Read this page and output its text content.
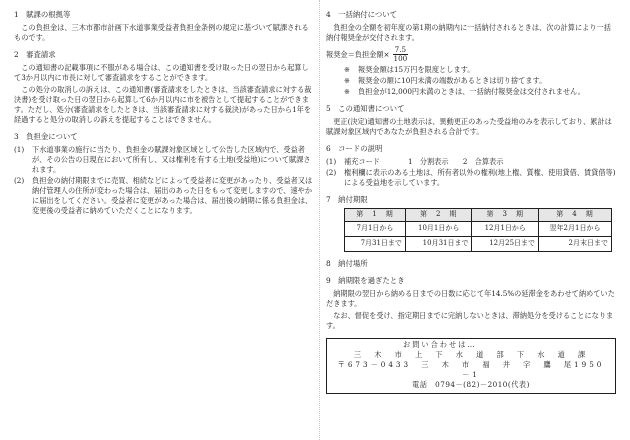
1　賦課の根拠等

この負担金は、三木市都市計画下水道事業受益者負担金条例の規定に基づいて賦課されるものです。

2　審査請求

この通知書の記載事項に不服がある場合は、この通知書を受け取った日の翌日から起算して3か月以内に市長に対して審査請求をすることができます。

この処分の取消しの訴えは、この通知書(審査請求をしたときは、当該審査請求に対する裁決書)を受け取った日の翌日から起算して6か月以内に市を被告として提起することができます。ただし、処分(審査請求をしたときは、当該審査請求に対する裁決)があった日から1年を経過すると処分の取消しの訴えを提起することはできません。

3　負担金について
(1)	下水道事業の施行に当たり、負担金の賦課対象区域として公告した区域内で、受益者が、その公告の日現在において所有し、又は権利を有する土地(受益地)について賦課されます。
(2)	負担金の納付期限までに売買、相続などによって受益者に変更があったり、受益者又は納付管理人の住所が変わった場合は、届出のあった日をもって変更しますので、速やかに届出をしてください。受益者に変更があった場合は、届出後の納期に係る負担金は、変更後の受益者に納めていただくことになります。
4　一括納付について

負担金の全額を初年度の第1期の納期内に一括納付されるときは、次の計算により一括納付報奨金が交付されます。

報奨金＝負担金額× $\frac{7.5}{100}$
※	報奨金額は15万円を限度とします。
※	報奨金の額に10円未満の端数があるときは切り捨てます。
※	負担金が12,000円未満のときは、一括納付報奨金は交付されません。
5　この通知書について

更正(決定)通知書の土地表示は、異動更正のあった受益地のみを表示しており、累計は賦課対象区域内であなたが負担される合計です。

6　コードの説明
(1)	補充コード	1　分割表示　　2　合算表示
(2)	権利欄に表示のある土地は、所有者以外の権利(地上権、質権、使用貸借、賃貸借等)による受益地を示しています。
7　納付期限
第　1　期	第　2　期	第　3　期	第　4　期
7月1日から	10月1日から	12月1日から	翌年2月1日から
7月31日まで	10月31日まで	12月25日まで	2月末日まで
8　納付場所
9　納期限を過ぎたとき

納期限の翌日から納める日までの日数に応じて年14.5%の延滞金をあわせて納めていただきます。

なお、督促を受け、指定期日までに完納しないときは、滞納処分を受けることになります。

お問い合わせは…
三　木　市　上　下　水　道　部　下　水　道　課
〒673－0433　三　木　市　福　井　字　鷹　尾1950－1
電話　0794－(82)－2010(代表)
